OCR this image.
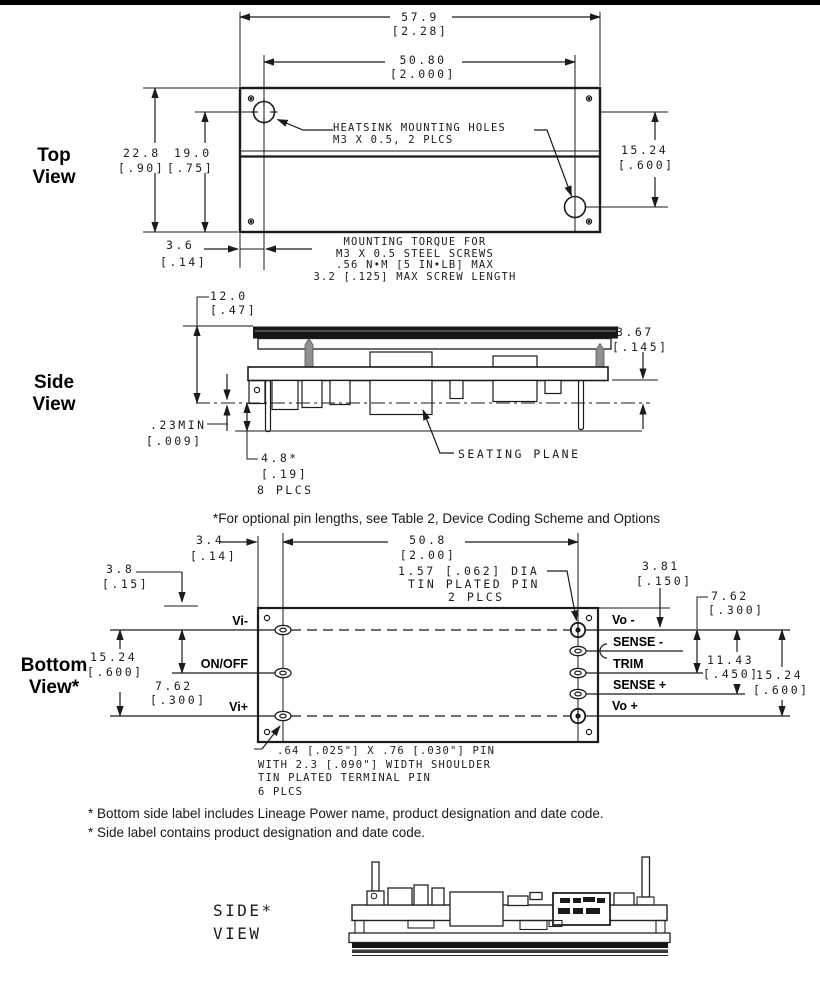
Top
View
Side
View
Bottom
View*
57.9
[2.28]
50.80
[2.000]
22.8 19.0
[.90] [.75]
15.24
[.600]
3.6
[.14]
HEATSINK MOUNTING HOLES
M3 X 0.5, 2 PLCS
MOUNTING TORQUE FOR
M3 X 0.5 STEEL SCREWS
.56 N•M [5 IN•LB] MAX
3.2 [.125] MAX SCREW LENGTH
12.0
[.47]
3.67
[.145]
.23MIN
[.009]
4.8*
[.19]
8 PLCS
SEATING PLANE
*For optional pin lengths, see Table 2, Device Coding Scheme and Options
3.4
[.14]
50.8
[2.00]
1.57 [.062] DIA
TIN PLATED PIN
2 PLCS
3.81
[.150]
3.8
[.15]
15.24
[.600]
7.62
[.300]
7.62
[.300]
11.43
[.450]
15.24
[.600]
Vi-
ON/OFF
Vi+
Vo -
SENSE -
TRIM
SENSE +
Vo +
.64 [.025"] X .76 [.030"] PIN
WITH 2.3 [.090"] WIDTH SHOULDER
TIN PLATED TERMINAL PIN
6 PLCS
* Bottom side label includes Lineage Power name, product designation and date code.
* Side label contains product designation and date code.
SIDE*
VIEW
